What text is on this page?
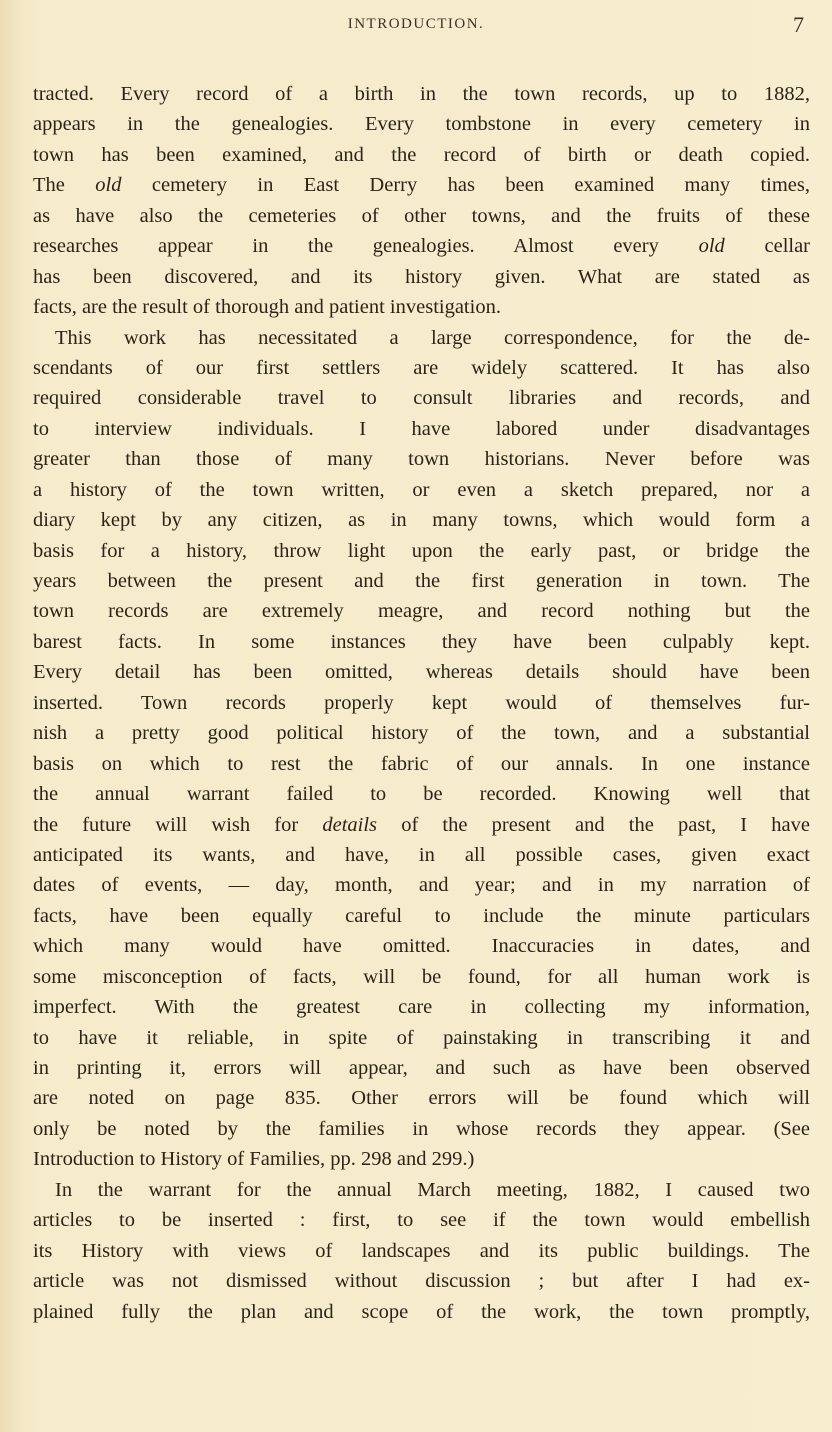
INTRODUCTION.	7
tracted. Every record of a birth in the town records, up to 1882,
appears in the genealogies. Every tombstone in every cemetery in
town has been examined, and the record of birth or death copied.
The old cemetery in East Derry has been examined many times,
as have also the cemeteries of other towns, and the fruits of these
researches appear in the genealogies. Almost every old cellar
has been discovered, and its history given. What are stated as
facts, are the result of thorough and patient investigation.
This work has necessitated a large correspondence, for the de-
scendants of our first settlers are widely scattered. It has also
required considerable travel to consult libraries and records, and
to interview individuals. I have labored under disadvantages
greater than those of many town historians. Never before was
a history of the town written, or even a sketch prepared, nor a
diary kept by any citizen, as in many towns, which would form a
basis for a history, throw light upon the early past, or bridge the
years between the present and the first generation in town. The
town records are extremely meagre, and record nothing but the
barest facts. In some instances they have been culpably kept.
Every detail has been omitted, whereas details should have been
inserted. Town records properly kept would of themselves fur-
nish a pretty good political history of the town, and a substantial
basis on which to rest the fabric of our annals. In one instance
the annual warrant failed to be recorded. Knowing well that
the future will wish for details of the present and the past, I have
anticipated its wants, and have, in all possible cases, given exact
dates of events, — day, month, and year; and in my narration of
facts, have been equally careful to include the minute particulars
which many would have omitted. Inaccuracies in dates, and
some misconception of facts, will be found, for all human work is
imperfect. With the greatest care in collecting my information,
to have it reliable, in spite of painstaking in transcribing it and
in printing it, errors will appear, and such as have been observed
are noted on page 835. Other errors will be found which will
only be noted by the families in whose records they appear. (See
Introduction to History of Families, pp. 298 and 299.)
In the warrant for the annual March meeting, 1882, I caused two
articles to be inserted : first, to see if the town would embellish
its History with views of landscapes and its public buildings. The
article was not dismissed without discussion ; but after I had ex-
plained fully the plan and scope of the work, the town promptly,
